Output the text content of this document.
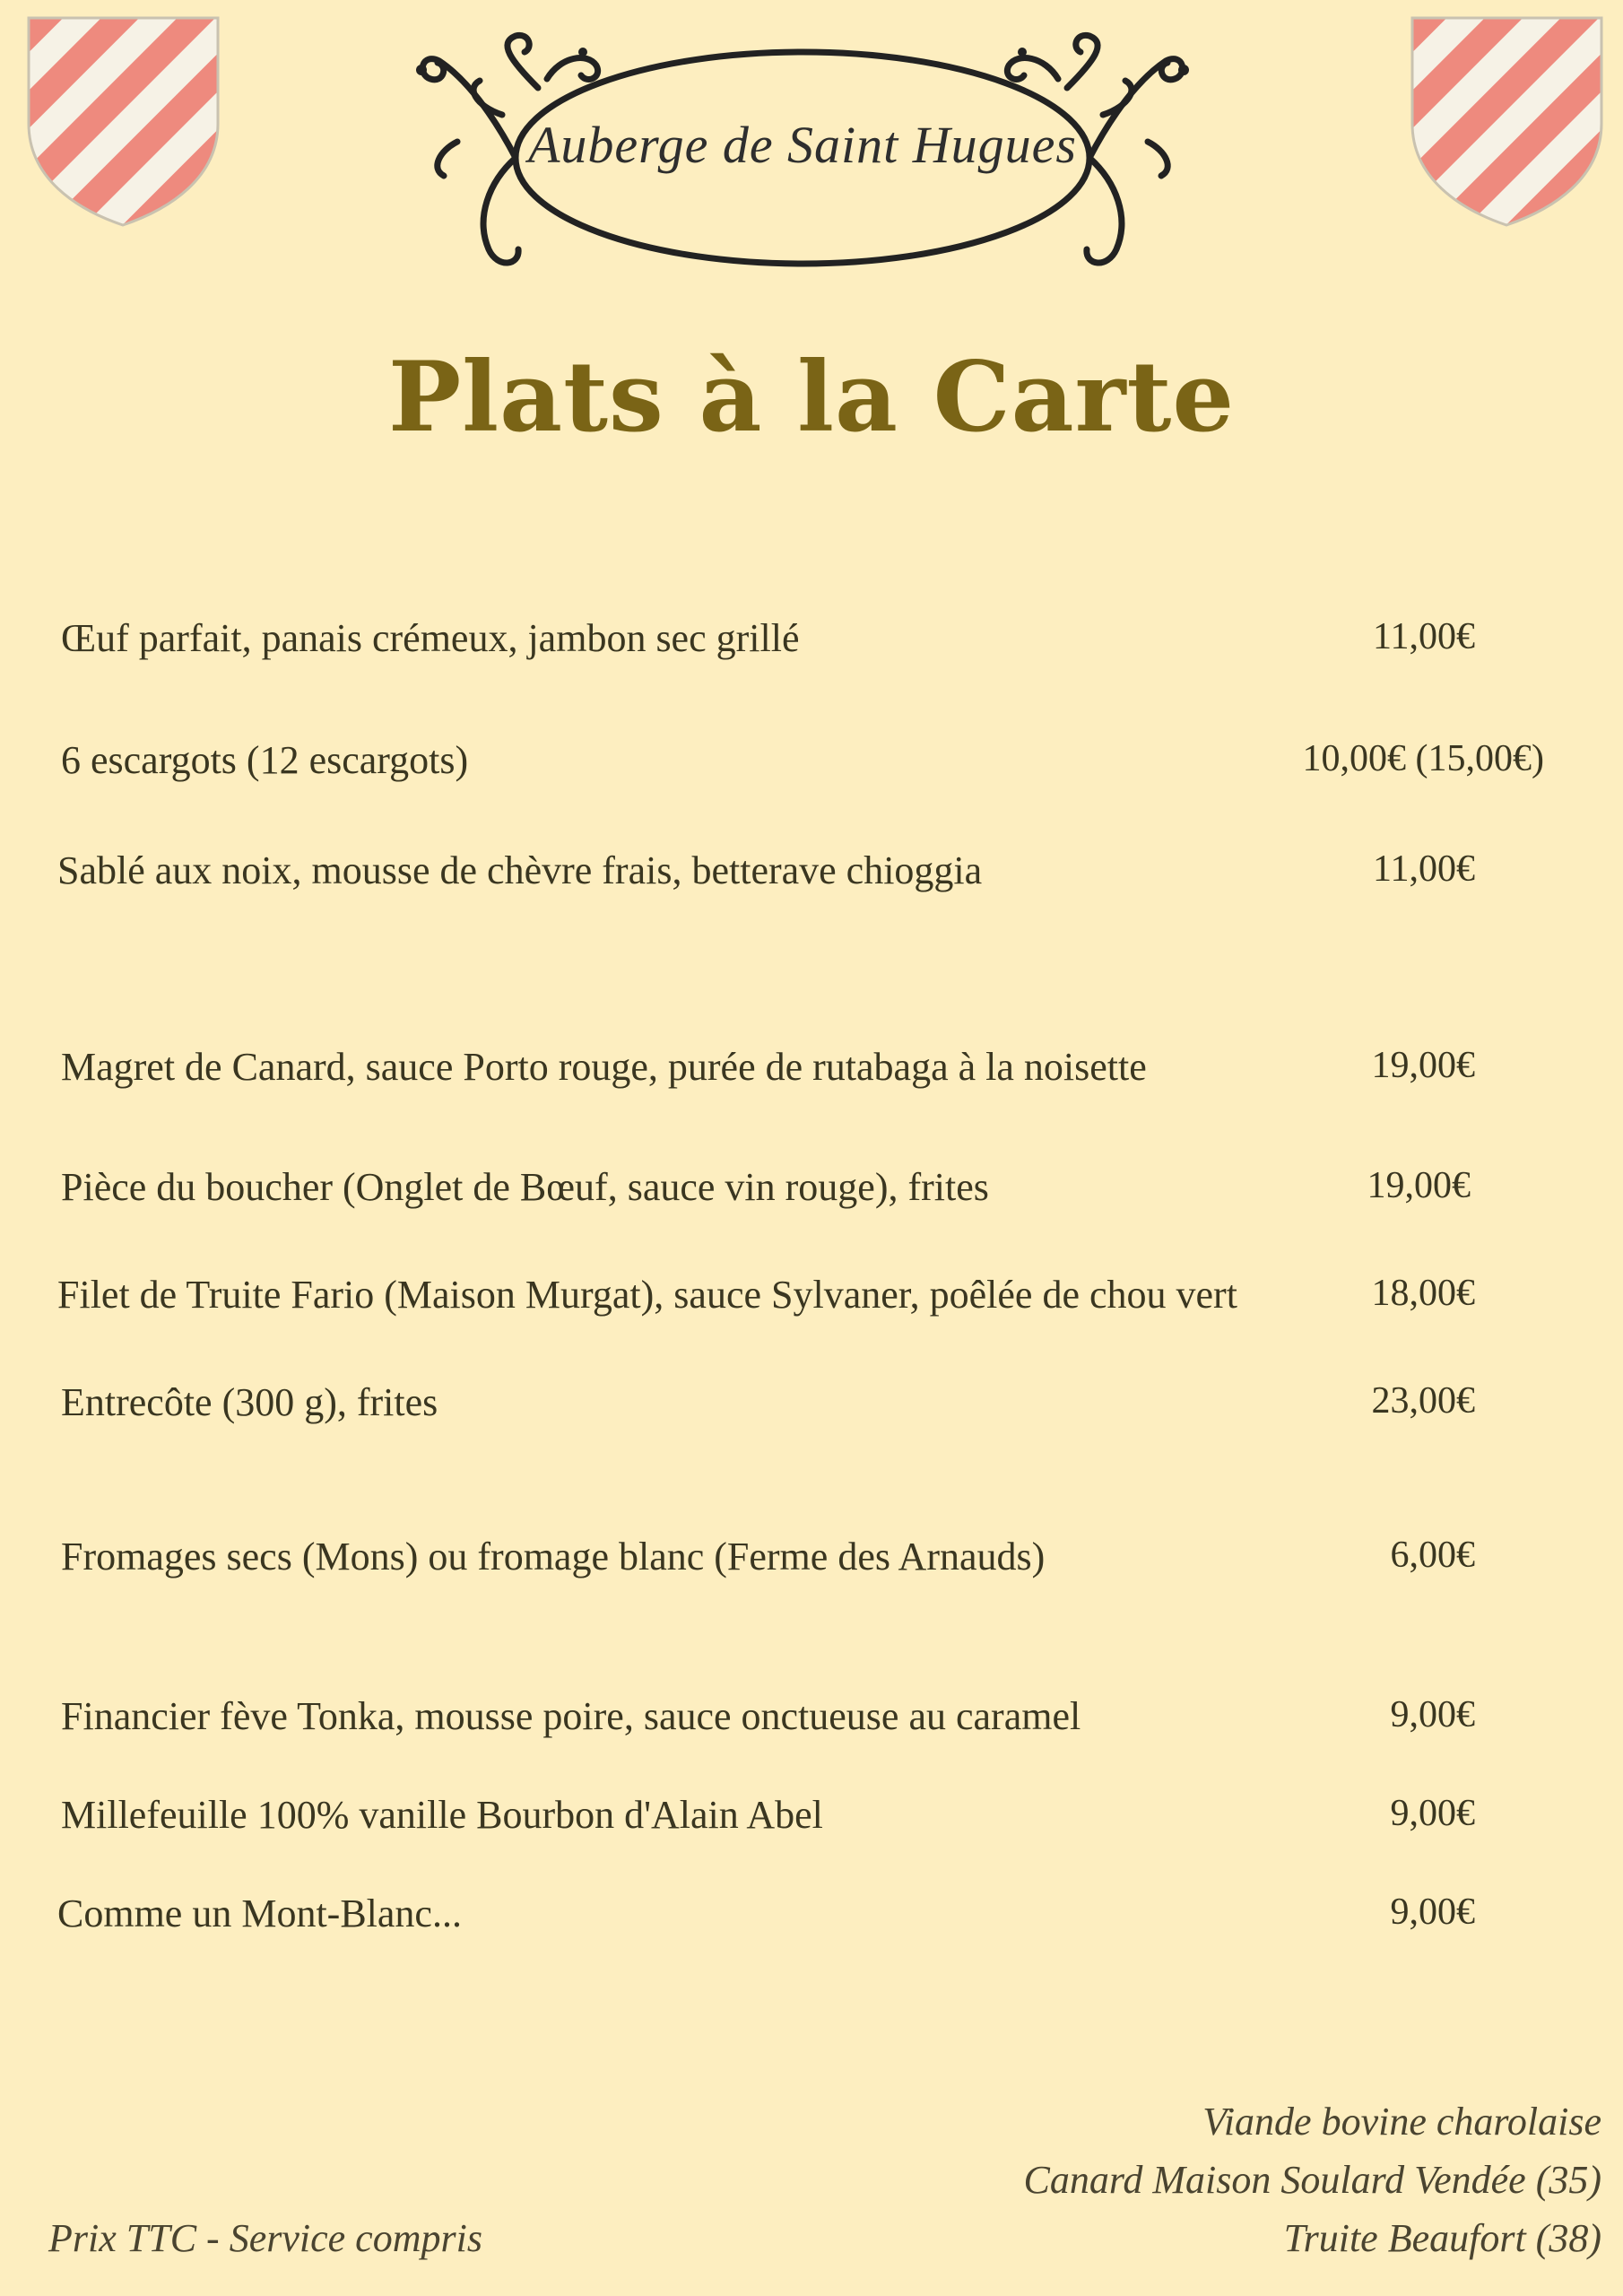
Auberge de Saint Hugues
Plats à la Carte
Œuf parfait, panais crémeux, jambon sec grillé	11,00€
6 escargots (12 escargots)	10,00€ (15,00€)
Sablé aux noix, mousse de chèvre frais, betterave chioggia	11,00€
Magret de Canard, sauce Porto rouge, purée de rutabaga à la noisette	19,00€
Pièce du boucher (Onglet de Bœuf, sauce vin rouge), frites	19,00€
Filet de Truite Fario (Maison Murgat), sauce Sylvaner, poêlée de chou vert	18,00€
Entrecôte (300 g), frites	23,00€
Fromages secs (Mons) ou fromage blanc (Ferme des Arnauds)	6,00€
Financier fève Tonka, mousse poire, sauce onctueuse au caramel	9,00€
Millefeuille 100% vanille Bourbon d'Alain Abel	9,00€
Comme un Mont-Blanc...	9,00€
Prix TTC - Service compris
Viande bovine charolaise
Canard Maison Soulard Vendée (35)
Truite Beaufort (38)
